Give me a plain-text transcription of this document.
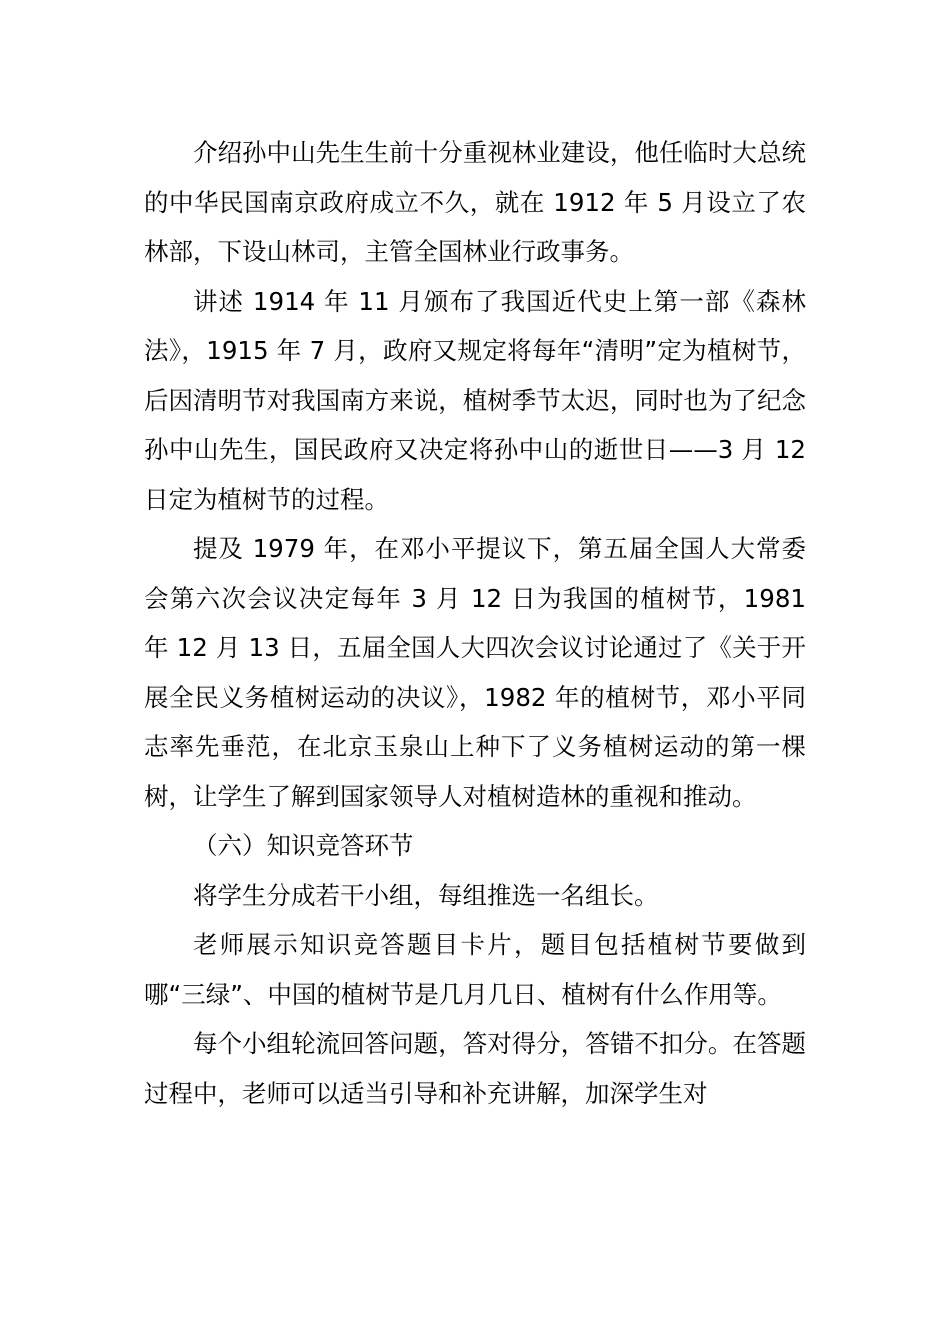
介绍孙中山先生生前十分重视林业建设，他任临时大总统的中华民国南京政府成立不久，就在 1912 年 5 月设立了农林部，下设山林司，主管全国林业行政事务。

讲述 1914 年 11 月颁布了我国近代史上第一部《森林法》，1915 年 7 月，政府又规定将每年“清明”定为植树节，后因清明节对我国南方来说，植树季节太迟，同时也为了纪念孙中山先生，国民政府又决定将孙中山的逝世日——3 月 12 日定为植树节的过程。

提及 1979 年，在邓小平提议下，第五届全国人大常委会第六次会议决定每年 3 月 12 日为我国的植树节，1981 年 12 月 13 日，五届全国人大四次会议讨论通过了《关于开展全民义务植树运动的决议》，1982 年的植树节，邓小平同志率先垂范，在北京玉泉山上种下了义务植树运动的第一棵树，让学生了解到国家领导人对植树造林的重视和推动。

（六）知识竞答环节

将学生分成若干小组，每组推选一名组长。

老师展示知识竞答题目卡片，题目包括植树节要做到哪“三绿”、中国的植树节是几月几日、植树有什么作用等。

每个小组轮流回答问题，答对得分，答错不扣分。在答题过程中，老师可以适当引导和补充讲解，加深学生对
